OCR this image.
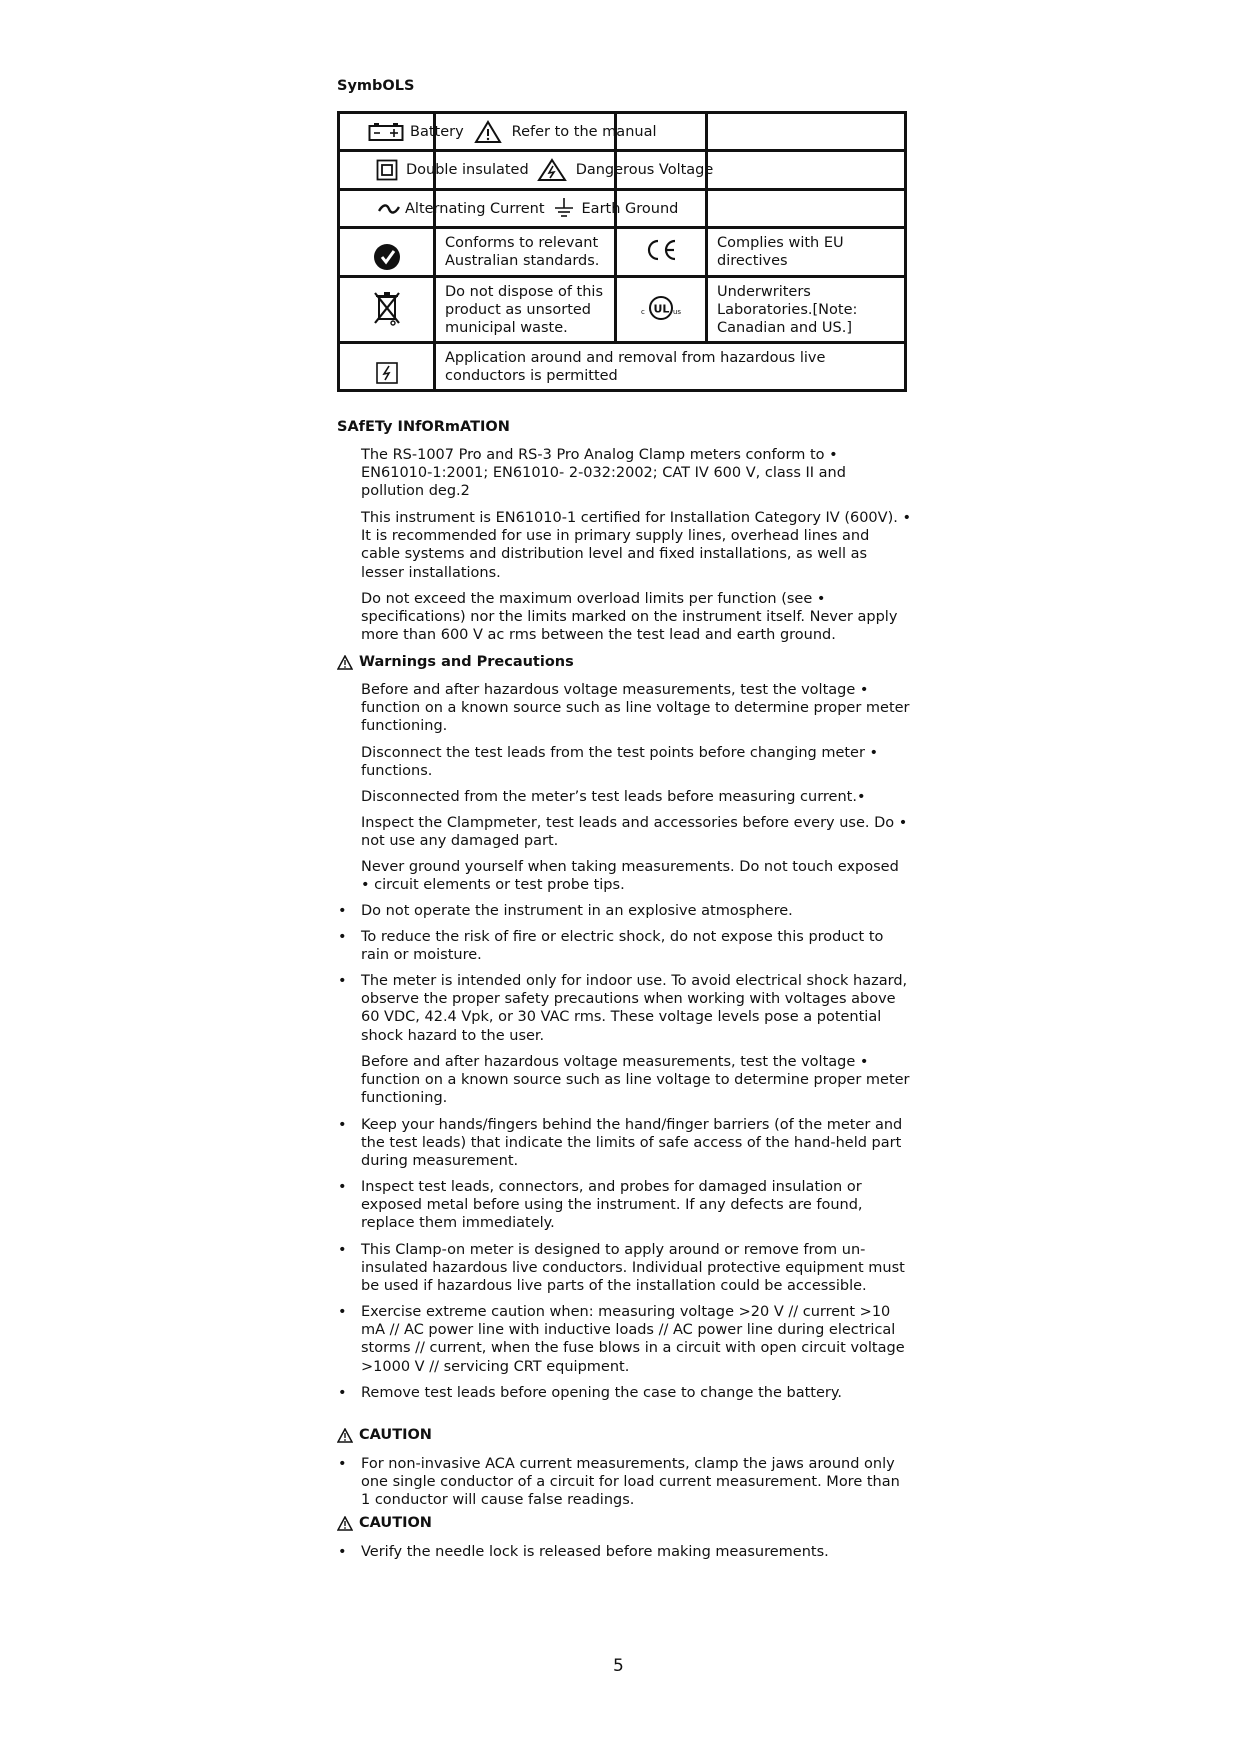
SymbOLS
Battery Refer to the manual			

Double insulated Dangerous Voltage			

Alternating Current Earth Ground			

	Conforms to relevant Australian standards.		Complies with EU directives
	Do not dispose of this product as unsorted municipal waste.	c UL us	Underwriters Laboratories.[Note: Canadian and US.]
	Application around and removal from hazardous live conductors is permitted		
SAfETy INfORmATION
The RS-1007 Pro and RS-3 Pro Analog Clamp meters conform to • EN61010-1:2001; EN61010- 2-032:2002; CAT IV 600 V, class II and pollution deg.2
This instrument is EN61010-1 certified for Installation Category IV (600V). • It is recommended for use in primary supply lines, overhead lines and cable systems and distribution level and fixed installations, as well as lesser installations.
Do not exceed the maximum overload limits per function (see • specifications) nor the limits marked on the instrument itself. Never apply more than 600 V ac rms between the test lead and earth ground.
Warnings and Precautions
Before and after hazardous voltage measurements, test the voltage • function on a known source such as line voltage to determine proper meter functioning.
Disconnect the test leads from the test points before changing meter • functions.
Disconnected from the meter’s test leads before measuring current.•
Inspect the Clampmeter, test leads and accessories before every use. Do • not use any damaged part.
Never ground yourself when taking measurements. Do not touch exposed • circuit elements or test probe tips.
• Do not operate the instrument in an explosive atmosphere.
• To reduce the risk of fire or electric shock, do not expose this product to rain or moisture.
• The meter is intended only for indoor use. To avoid electrical shock hazard, observe the proper safety precautions when working with voltages above 60 VDC, 42.4 Vpk, or 30 VAC rms. These voltage levels pose a potential shock hazard to the user.
Before and after hazardous voltage measurements, test the voltage • function on a known source such as line voltage to determine proper meter functioning.
• Keep your hands/fingers behind the hand/finger barriers (of the meter and the test leads) that indicate the limits of safe access of the hand-held part during measurement.
• Inspect test leads, connectors, and probes for damaged insulation or exposed metal before using the instrument. If any defects are found, replace them immediately.
• This Clamp-on meter is designed to apply around or remove from un-insulated hazardous live conductors. Individual protective equipment must be used if hazardous live parts of the installation could be accessible.
• Exercise extreme caution when: measuring voltage >20 V // current >10 mA // AC power line with inductive loads // AC power line during electrical storms // current, when the fuse blows in a circuit with open circuit voltage >1000 V // servicing CRT equipment.
• Remove test leads before opening the case to change the battery.
CAUTION
• For non-invasive ACA current measurements, clamp the jaws around only one single conductor of a circuit for load current measurement. More than 1 conductor will cause false readings.
CAUTION
• Verify the needle lock is released before making measurements.
5
